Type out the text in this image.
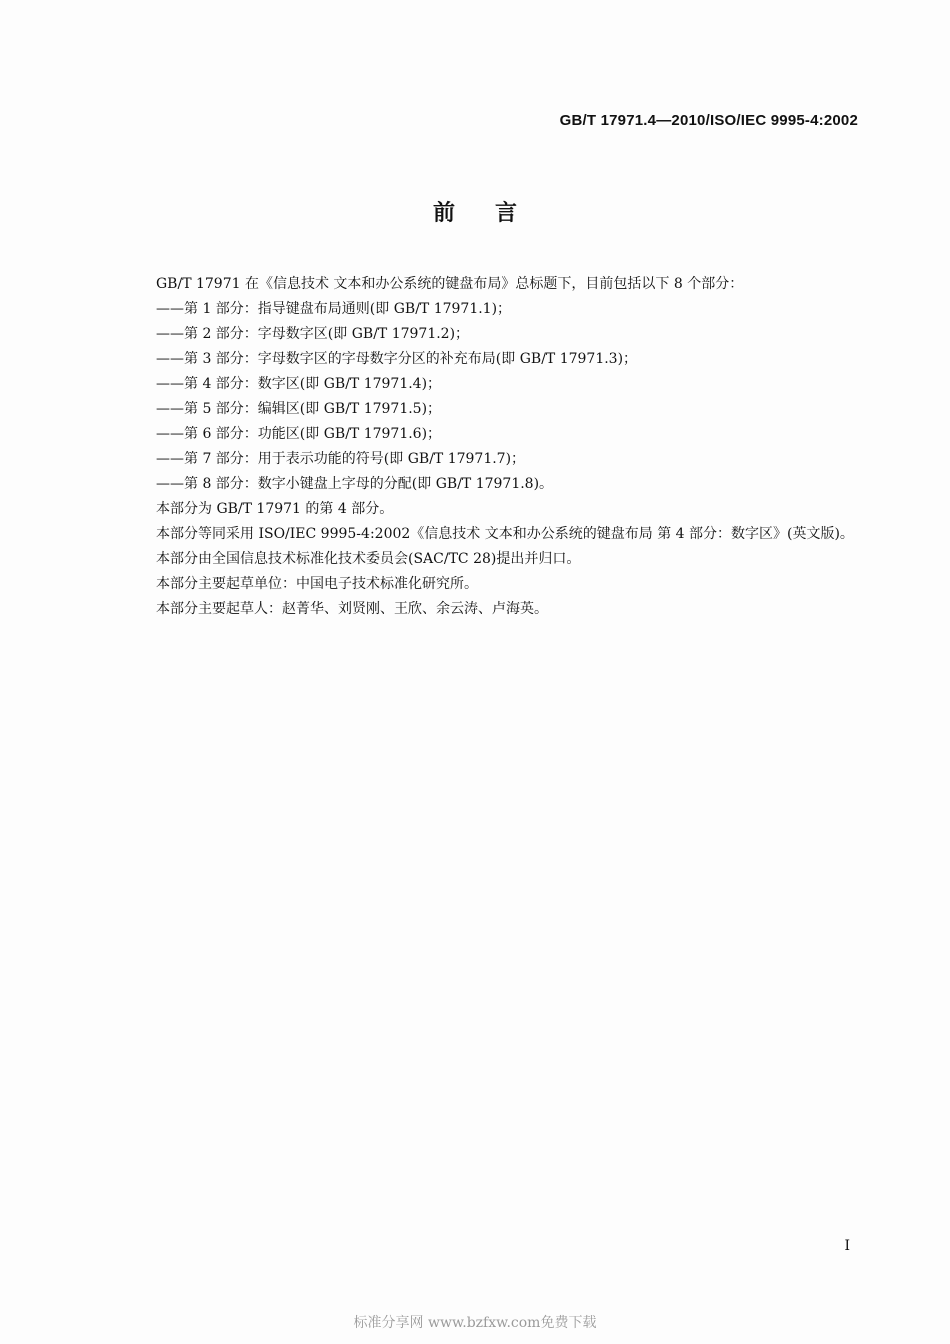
GB/T 17971.4—2010/ISO/IEC 9995-4:2002
前言

GB/T 17971 在《信息技术 文本和办公系统的键盘布局》总标题下，目前包括以下 8 个部分：

——第 1 部分：指导键盘布局通则(即 GB/T 17971.1)；

——第 2 部分：字母数字区(即 GB/T 17971.2)；

——第 3 部分：字母数字区的字母数字分区的补充布局(即 GB/T 17971.3)；

——第 4 部分：数字区(即 GB/T 17971.4)；

——第 5 部分：编辑区(即 GB/T 17971.5)；

——第 6 部分：功能区(即 GB/T 17971.6)；

——第 7 部分：用于表示功能的符号(即 GB/T 17971.7)；

——第 8 部分：数字小键盘上字母的分配(即 GB/T 17971.8)。

本部分为 GB/T 17971 的第 4 部分。

本部分等同采用 ISO/IEC 9995-4:2002《信息技术 文本和办公系统的键盘布局 第 4 部分：数字区》(英文版)。

本部分由全国信息技术标准化技术委员会(SAC/TC 28)提出并归口。

本部分主要起草单位：中国电子技术标准化研究所。

本部分主要起草人：赵菁华、刘贤刚、王欣、余云涛、卢海英。

I
标准分享网 www.bzfxw.com免费下载
